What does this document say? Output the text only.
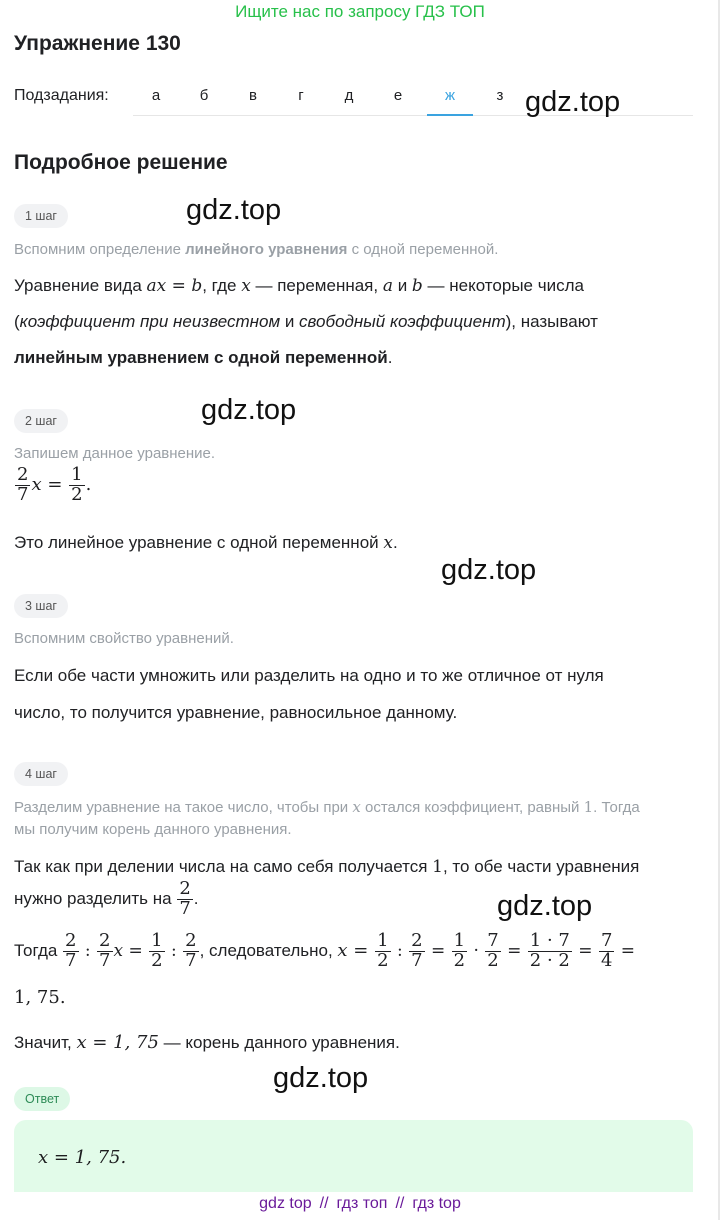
Ищите нас по запросу ГДЗ ТОП
Упражнение 130
Подзадания:	а	б	в	г	д	е	ж	з gdz.top
Подробное решение
1 шаг	gdz.top
Вспомним определение линейного уравнения с одной переменной.
Уравнение вида ax = b, где x — переменная, a и b — некоторые числа
(коэффициент при неизвестном и свободный коэффициент), называют
линейным уравнением с одной переменной.
2 шаг	gdz.top
Запишем данное уравнение.
$\frac{2}{7}$ $x = \frac{1}{2}$ .
Это линейное уравнение с одной переменной x.
gdz.top
3 шаг
Вспомним свойство уравнений.
Если обе части умножить или разделить на одно и то же отличное от нуля
число, то получится уравнение, равносильное данному.
4 шаг
Разделим уравнение на такое число, чтобы при x остался коэффициент, равный 1. Тогда
мы получим корень данного уравнения.
Так как при делении числа на само себя получается 1, то обе части уравнения
нужно разделить на $\frac{2}{7}$ .	gdz.top
Тогда $\frac{2}{7}$ : $\frac{2}{7}$ $x = \frac{1}{2}$ : $\frac{2}{7}$ , следовательно, $x = \frac{1}{2}$ : $\frac{2}{7} = \frac{1}{2} \cdot \frac{7}{2} = \frac{1 \cdot 7}{2 \cdot 2} = \frac{7}{4}$ =
1, 75.
Значит, x = 1, 75 — корень данного уравнения.
gdz.top
Ответ
x = 1, 75.
gdz top // гдз топ // гдз top
